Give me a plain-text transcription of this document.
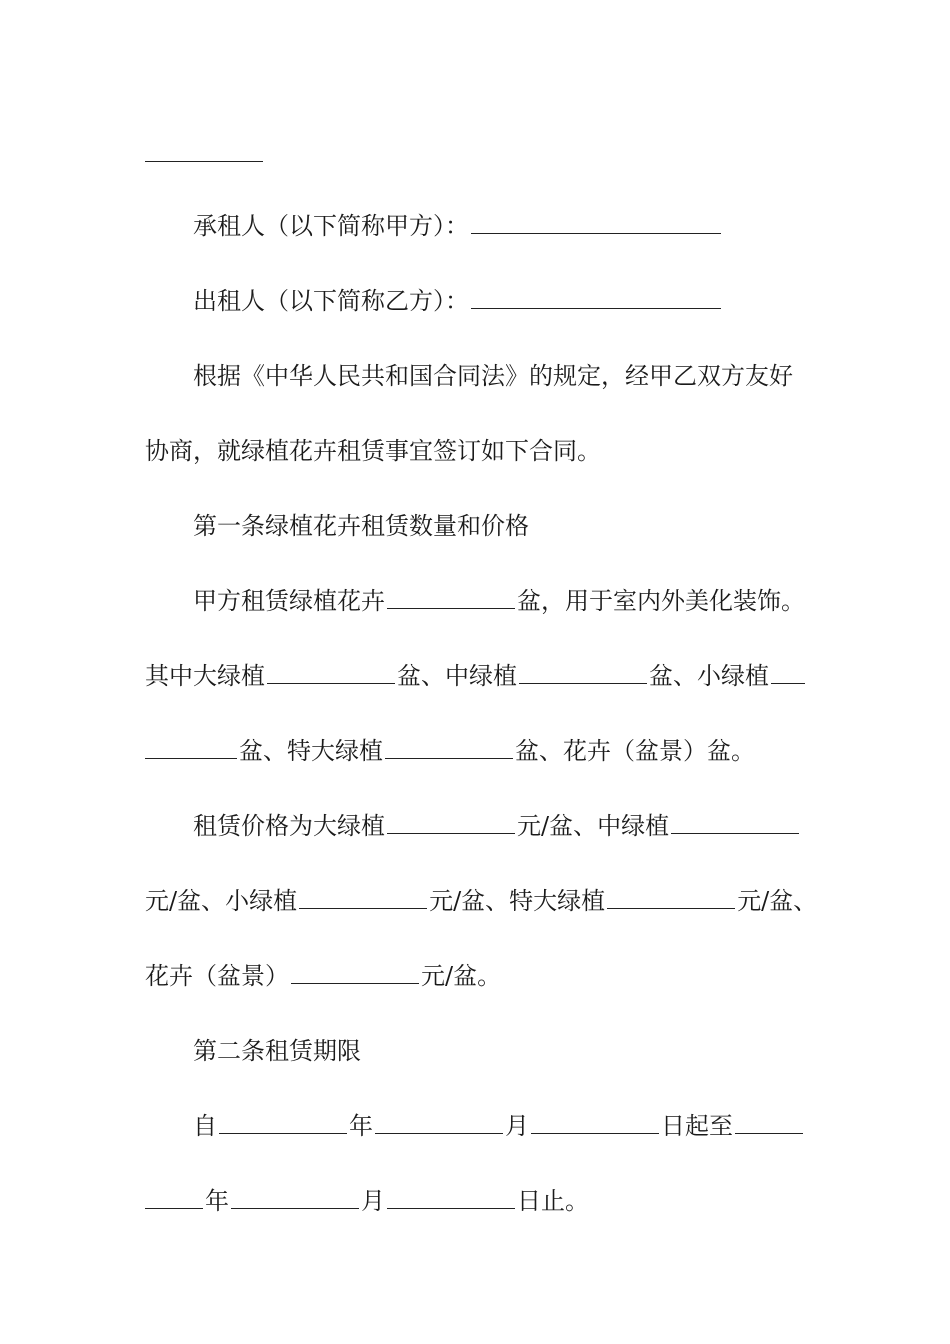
承租人（以下简称甲方）：
出租人（以下简称乙方）：
根据《中华人民共和国合同法》的规定，经甲乙双方友好
协商，就绿植花卉租赁事宜签订如下合同。
第一条绿植花卉租赁数量和价格
甲方租赁绿植花卉	盆，用于室内外美化装饰。
其中大绿植	盆、中绿植	盆、小绿植
盆、特大绿植	盆、花卉（盆景）盆。
租赁价格为大绿植	元/盆、中绿植
元/盆、小绿植	元/盆、特大绿植	元/盆、
花卉（盆景）	元/盆。
第二条租赁期限
自	年	月	日起至
年	月	日止。
